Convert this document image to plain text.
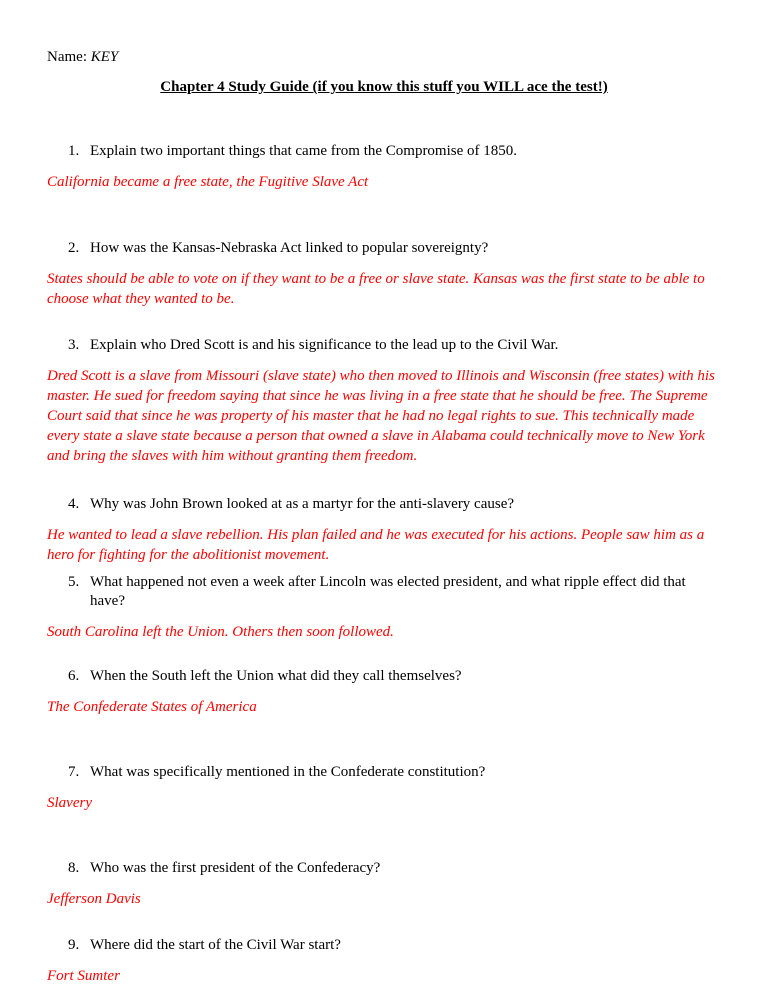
Name: KEY
Chapter 4 Study Guide (if you know this stuff you WILL ace the test!)
1. Explain two important things that came from the Compromise of 1850.
California became a free state, the Fugitive Slave Act
2. How was the Kansas-Nebraska Act linked to popular sovereignty?
States should be able to vote on if they want to be a free or slave state. Kansas was the first state to be able to choose what they wanted to be.
3. Explain who Dred Scott is and his significance to the lead up to the Civil War.
Dred Scott is a slave from Missouri (slave state) who then moved to Illinois and Wisconsin (free states) with his master. He sued for freedom saying that since he was living in a free state that he should be free. The Supreme Court said that since he was property of his master that he had no legal rights to sue. This technically made every state a slave state because a person that owned a slave in Alabama could technically move to New York and bring the slaves with him without granting them freedom.
4. Why was John Brown looked at as a martyr for the anti-slavery cause?
He wanted to lead a slave rebellion. His plan failed and he was executed for his actions. People saw him as a hero for fighting for the abolitionist movement.
5. What happened not even a week after Lincoln was elected president, and what ripple effect did that have?
South Carolina left the Union. Others then soon followed.
6. When the South left the Union what did they call themselves?
The Confederate States of America
7. What was specifically mentioned in the Confederate constitution?
Slavery
8. Who was the first president of the Confederacy?
Jefferson Davis
9. Where did the start of the Civil War start?
Fort Sumter
